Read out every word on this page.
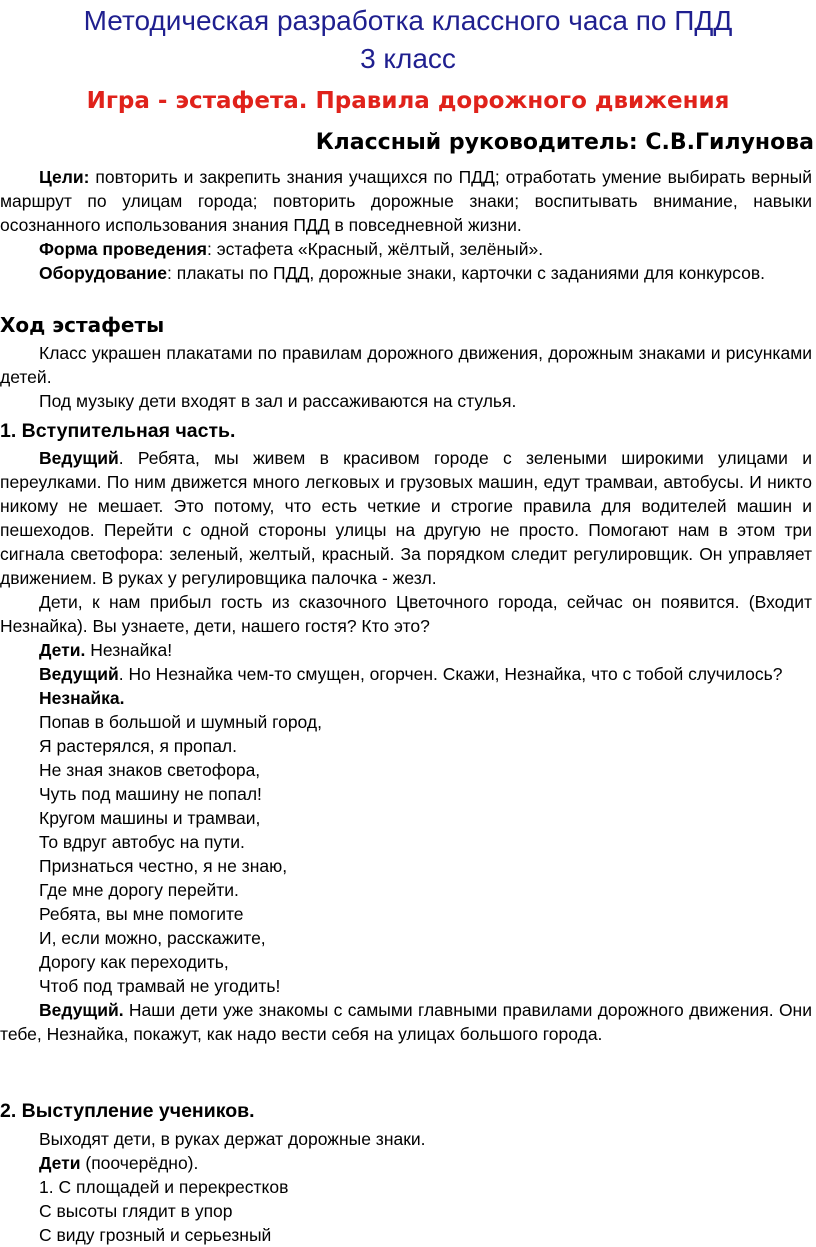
Методическая разработка классного часа по ПДД
3 класс
Игра - эстафета. Правила дорожного движения
Классный руководитель: С.В.Гилунова

Цели: повторить и закрепить знания учащихся по ПДД; отработать умение выбирать верный маршрут по улицам города; повторить дорожные знаки; воспитывать внимание, навыки осознанного использования знания ПДД в повседневной жизни.

Форма проведения: эстафета «Красный, жёлтый, зелёный».

Оборудование: плакаты по ПДД, дорожные знаки, карточки с заданиями для конкурсов.

Ход эстафеты

Класс украшен плакатами по правилам дорожного движения, дорожным знаками и рисунками детей.

Под музыку дети входят в зал и рассаживаются на стулья.

1. Вступительная часть.

Ведущий. Ребята, мы живем в красивом городе с зелеными широкими улицами и переулками. По ним движется много легковых и грузовых машин, едут трамваи, автобусы. И никто никому не мешает. Это потому, что есть четкие и строгие правила для водителей машин и пешеходов. Перейти с одной стороны улицы на другую не просто. Помогают нам в этом три сигнала светофора: зеленый, желтый, красный. За порядком следит регулировщик. Он управляет движением. В руках у регулировщика палочка - жезл.

Дети, к нам прибыл гость из сказочного Цветочного города, сейчас он появится. (Входит Незнайка). Вы узнаете, дети, нашего гостя? Кто это?

Дети. Незнайка!

Ведущий. Но Незнайка чем-то смущен, огорчен. Скажи, Незнайка, что с тобой случилось?

Незнайка.

Попав в большой и шумный город,

Я растерялся, я пропал.

Не зная знаков светофора,

Чуть под машину не попал!

Кругом машины и трамваи,

То вдруг автобус на пути.

Признаться честно, я не знаю,

Где мне дорогу перейти.

Ребята, вы мне помогите

И, если можно, расскажите,

Дорогу как переходить,

Чтоб под трамвай не угодить!

Ведущий. Наши дети уже знакомы с самыми главными правилами дорожного движения. Они тебе, Незнайка, покажут, как надо вести себя на улицах большого города.

2. Выступление учеников.

Выходят дети, в руках держат дорожные знаки.

Дети (поочерёдно).

1. С площадей и перекрестков

С высоты глядит в упор

С виду грозный и серьезный
